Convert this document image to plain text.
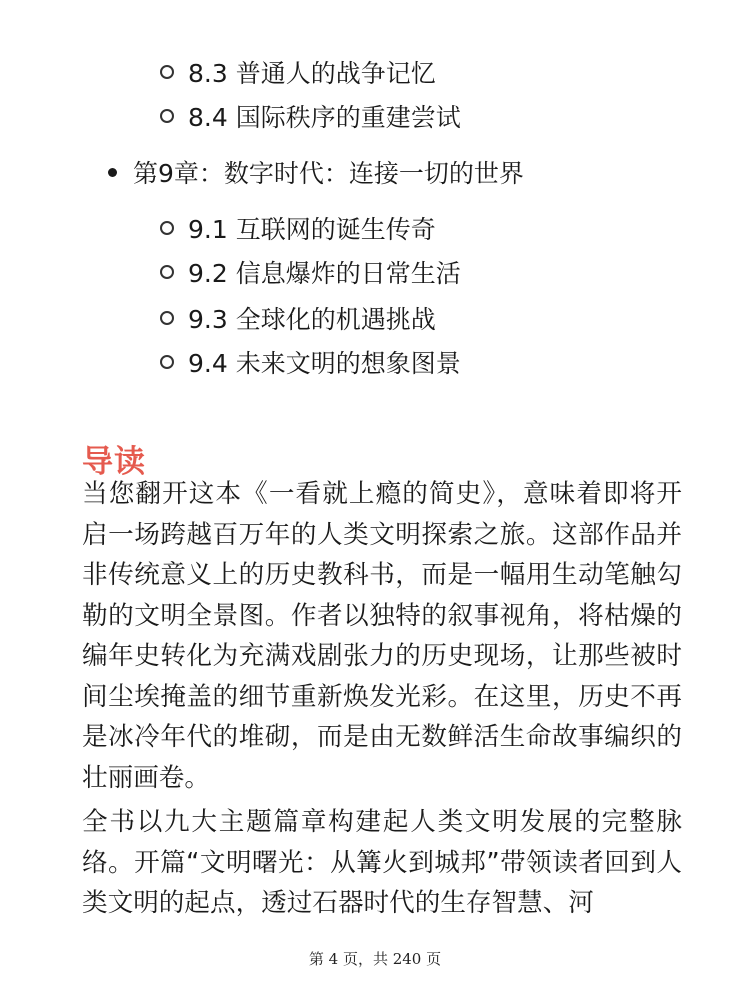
8.3 普通人的战争记忆
8.4 国际秩序的重建尝试
第9章：数字时代：连接一切的世界
9.1 互联网的诞生传奇
9.2 信息爆炸的日常生活
9.3 全球化的机遇挑战
9.4 未来文明的想象图景
导读

当您翻开这本《一看就上瘾的简史》，意味着即将开启一场跨越百万年的人类文明探索之旅。这部作品并非传统意义上的历史教科书，而是一幅用生动笔触勾勒的文明全景图。作者以独特的叙事视角，将枯燥的编年史转化为充满戏剧张力的历史现场，让那些被时间尘埃掩盖的细节重新焕发光彩。在这里，历史不再是冰冷年代的堆砌，而是由无数鲜活生命故事编织的壮丽画卷。

全书以九大主题篇章构建起人类文明发展的完整脉络。开篇“文明曙光：从篝火到城邦”带领读者回到人类文明的起点，透过石器时代的生存智慧、河

第 4 页，共 240 页
